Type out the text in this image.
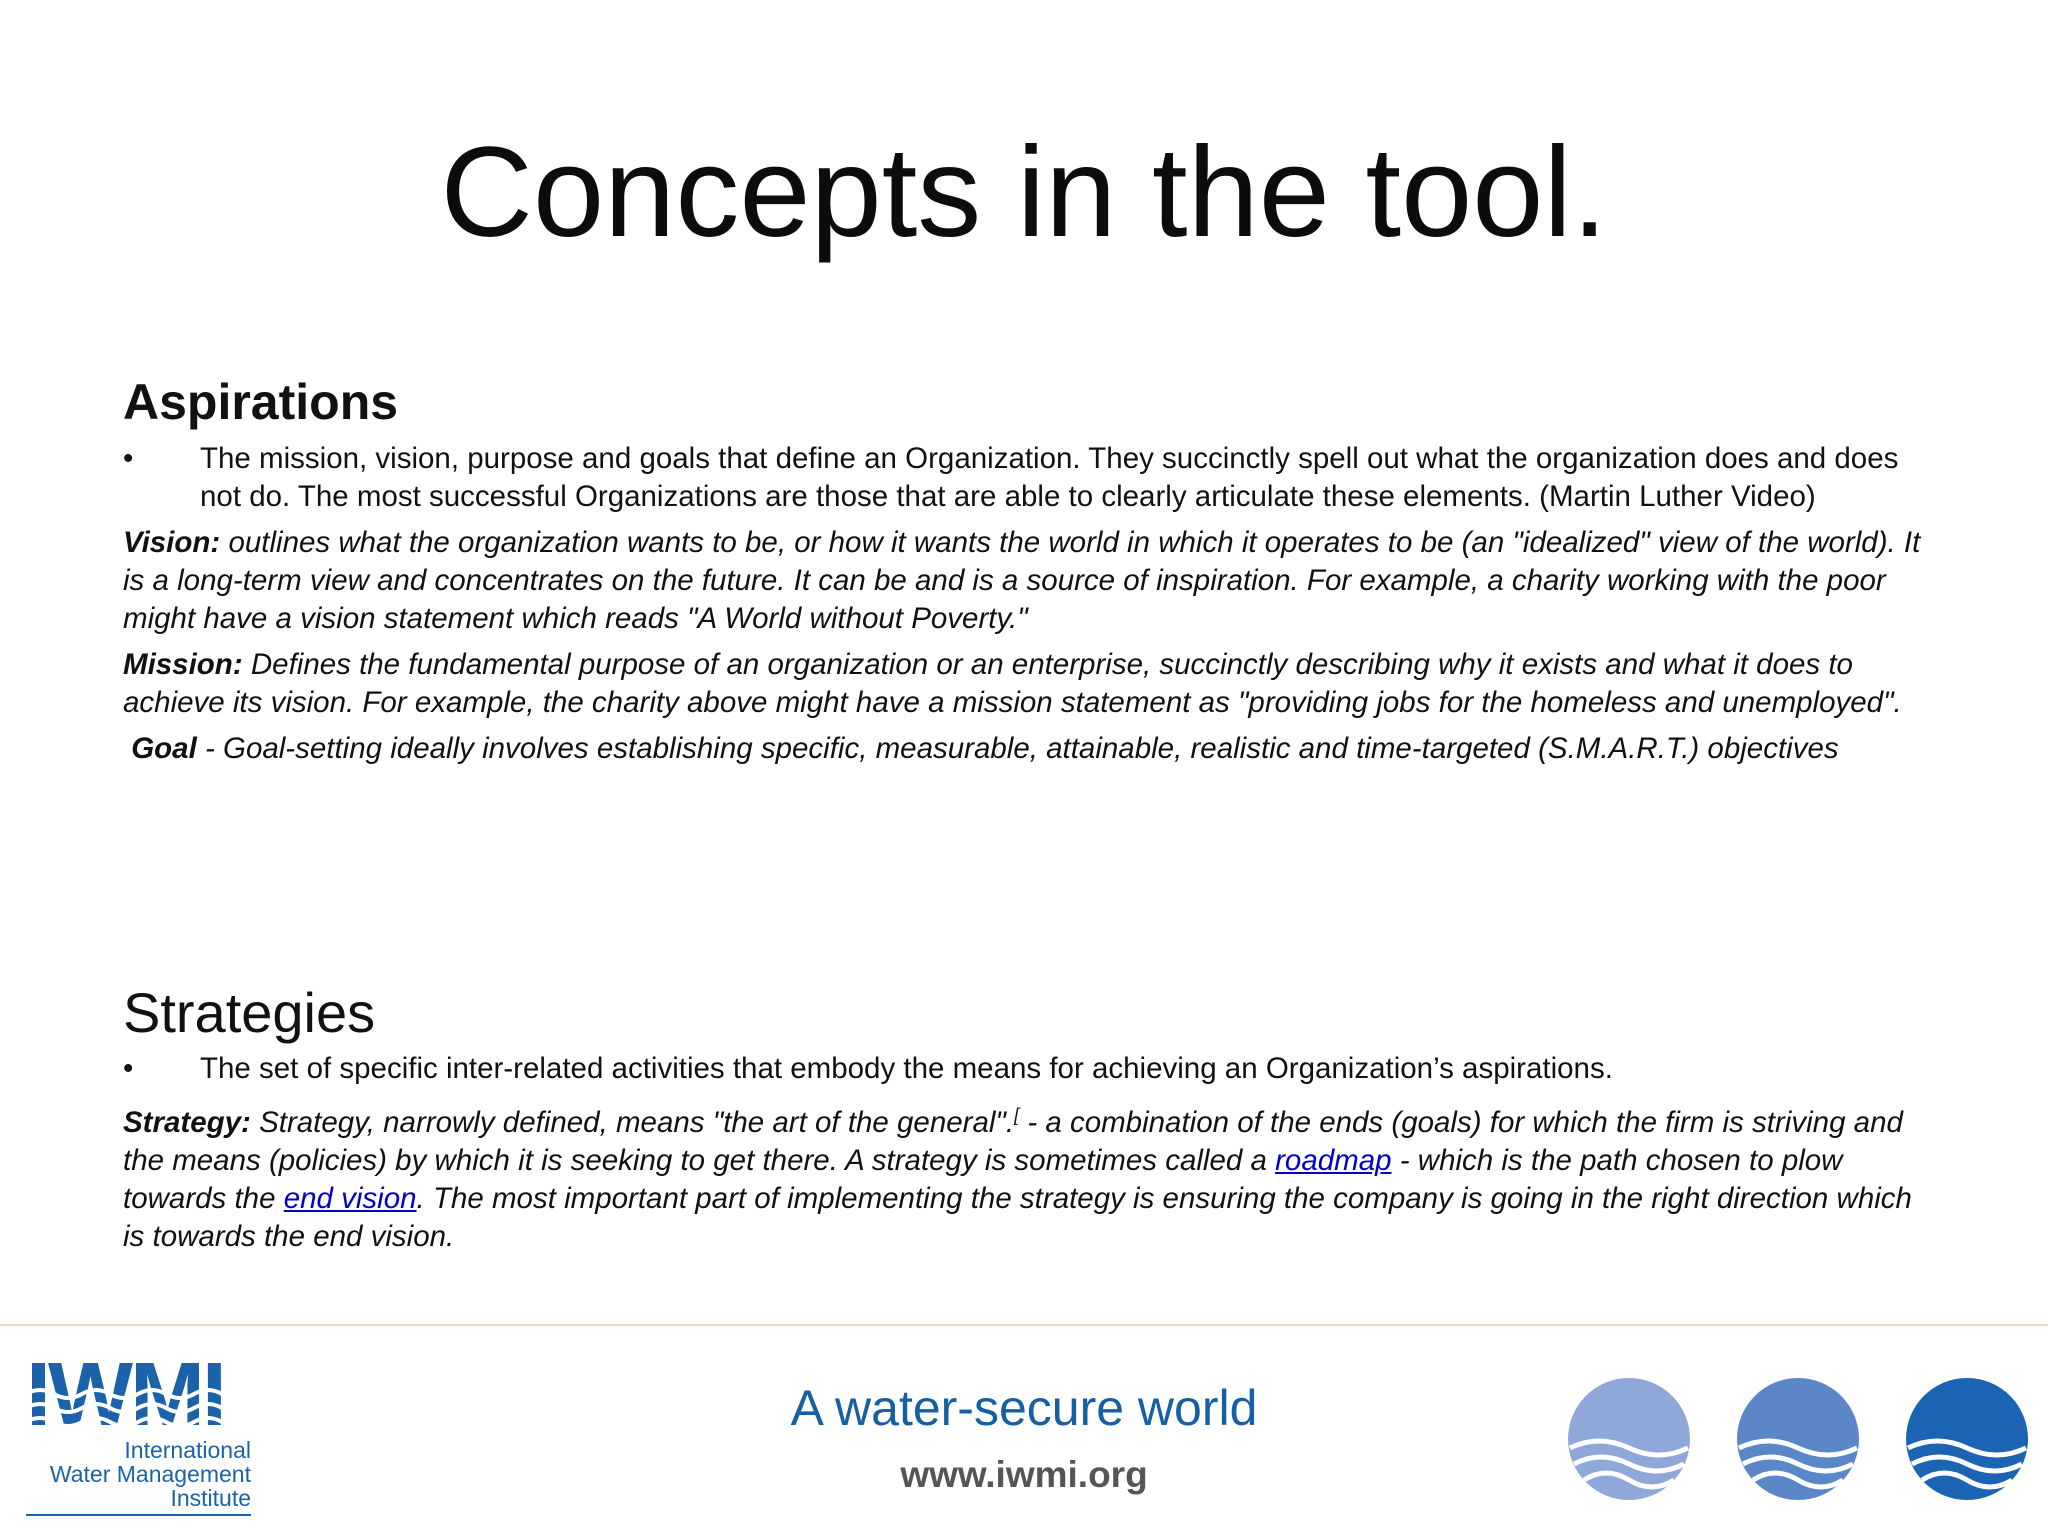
Concepts in the tool.
Aspirations
•	The mission, vision, purpose and goals that define an Organization. They succinctly spell out what the organization does and does not do. The most successful Organizations are those that are able to clearly articulate these elements. (Martin Luther Video)
Vision: outlines what the organization wants to be, or how it wants the world in which it operates to be (an "idealized" view of the world). It is a long-term view and concentrates on the future. It can be and is a source of inspiration. For example, a charity working with the poor might have a vision statement which reads "A World without Poverty."
Mission: Defines the fundamental purpose of an organization or an enterprise, succinctly describing why it exists and what it does to achieve its vision. For example, the charity above might have a mission statement as "providing jobs for the homeless and unemployed".
Goal - Goal-setting ideally involves establishing specific, measurable, attainable, realistic and time-targeted (S.M.A.R.T.) objectives
Strategies
•	The set of specific inter-related activities that embody the means for achieving an Organization’s aspirations.
Strategy: Strategy, narrowly defined, means "the art of the general".[ - a combination of the ends (goals) for which the firm is striving and the means (policies) by which it is seeking to get there. A strategy is sometimes called a roadmap - which is the path chosen to plow towards the end vision. The most important part of implementing the strategy is ensuring the company is going in the right direction which is towards the end vision.
IWMI
International
Water Management
Institute
A water-secure world
www.iwmi.org
